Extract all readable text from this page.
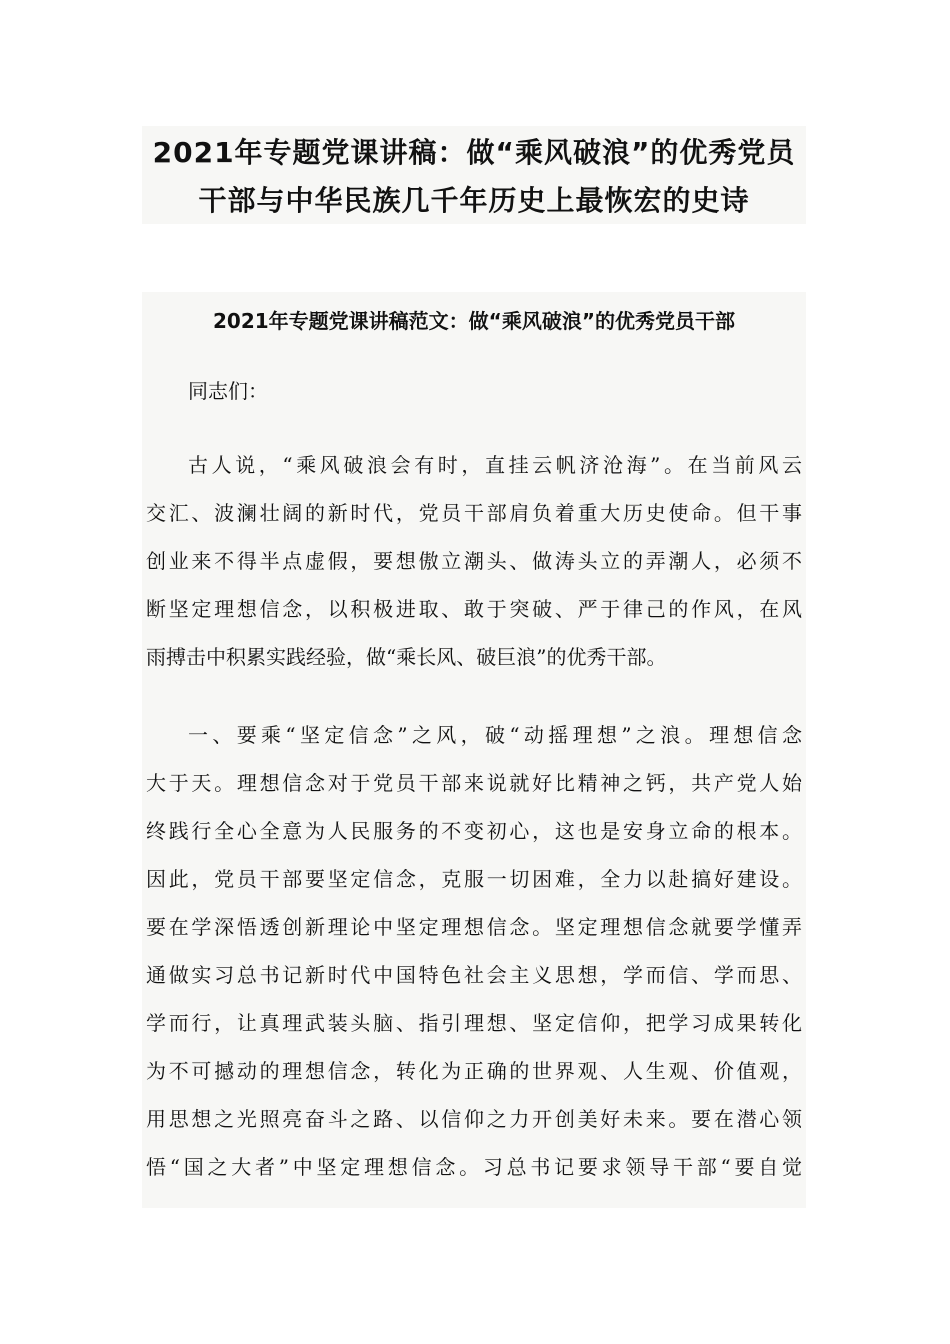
2021年专题党课讲稿：做“乘风破浪”的优秀党员
干部与中华民族几千年历史上最恢宏的史诗
2021年专题党课讲稿范文：做“乘风破浪”的优秀党员干部
同志们：
古人说，“乘风破浪会有时，直挂云帆济沧海”。在当前风云
交汇、波澜壮阔的新时代，党员干部肩负着重大历史使命。但干事
创业来不得半点虚假，要想傲立潮头、做涛头立的弄潮人，必须不
断坚定理想信念，以积极进取、敢于突破、严于律己的作风，在风
雨搏击中积累实践经验，做“乘长风、破巨浪”的优秀干部。
一、要乘“坚定信念”之风，破“动摇理想”之浪。理想信念
大于天。理想信念对于党员干部来说就好比精神之钙，共产党人始
终践行全心全意为人民服务的不变初心，这也是安身立命的根本。
因此，党员干部要坚定信念，克服一切困难，全力以赴搞好建设。
要在学深悟透创新理论中坚定理想信念。坚定理想信念就要学懂弄
通做实习总书记新时代中国特色社会主义思想，学而信、学而思、
学而行，让真理武装头脑、指引理想、坚定信仰，把学习成果转化
为不可撼动的理想信念，转化为正确的世界观、人生观、价值观，
用思想之光照亮奋斗之路、以信仰之力开创美好未来。要在潜心领
悟“国之大者”中坚定理想信念。习总书记要求领导干部“要自觉
